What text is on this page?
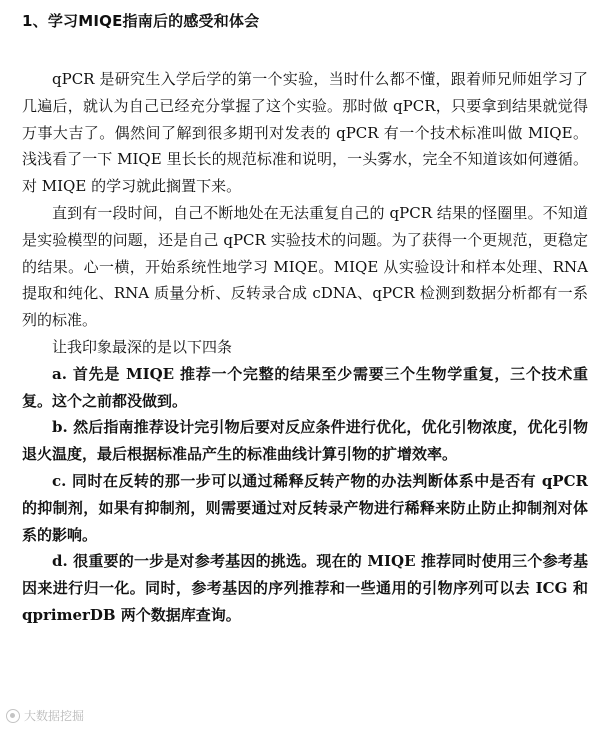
1、学习MIQE指南后的感受和体会

qPCR 是研究生入学后学的第一个实验，当时什么都不懂，跟着师兄师姐学习了几遍后，就认为自己已经充分掌握了这个实验。那时做 qPCR，只要拿到结果就觉得万事大吉了。偶然间了解到很多期刊对发表的 qPCR 有一个技术标准叫做 MIQE。浅浅看了一下 MIQE 里长长的规范标准和说明，一头雾水，完全不知道该如何遵循。对 MIQE 的学习就此搁置下来。

直到有一段时间，自己不断地处在无法重复自己的 qPCR 结果的怪圈里。不知道是实验模型的问题，还是自己 qPCR 实验技术的问题。为了获得一个更规范，更稳定的结果。心一横，开始系统性地学习 MIQE。MIQE 从实验设计和样本处理、RNA 提取和纯化、RNA 质量分析、反转录合成 cDNA、qPCR 检测到数据分析都有一系列的标准。

让我印象最深的是以下四条

a. 首先是 MIQE 推荐一个完整的结果至少需要三个生物学重复，三个技术重复。这个之前都没做到。

b. 然后指南推荐设计完引物后要对反应条件进行优化，优化引物浓度，优化引物退火温度，最后根据标准品产生的标准曲线计算引物的扩增效率。

c. 同时在反转的那一步可以通过稀释反转产物的办法判断体系中是否有 qPCR 的抑制剂，如果有抑制剂，则需要通过对反转录产物进行稀释来防止防止抑制剂对体系的影响。

d. 很重要的一步是对参考基因的挑选。现在的 MIQE 推荐同时使用三个参考基因来进行归一化。同时，参考基因的序列推荐和一些通用的引物序列可以去 ICG 和 qprimerDB 两个数据库查询。

大数据挖掘
